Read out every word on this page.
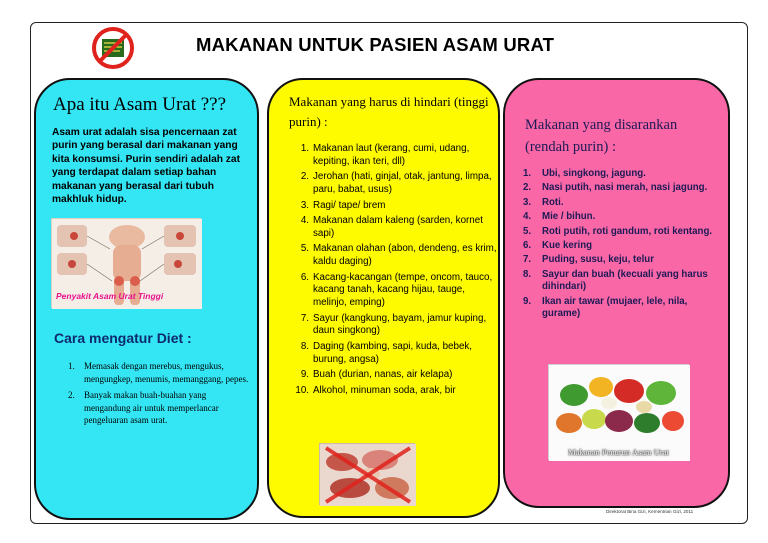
MAKANAN UNTUK PASIEN ASAM URAT
Apa itu Asam Urat ???
Asam urat adalah sisa pencernaan zat purin yang berasal dari makanan yang kita konsumsi. Purin sendiri adalah zat yang terdapat dalam setiap bahan makanan yang berasal dari tubuh makhluk hidup.
Penyakit Asam Urat Tinggi
Cara mengatur Diet :
1. Memasak dengan merebus, mengukus, mengungkep, menumis, memanggang, pepes.
2. Banyak makan buah-buahan yang mengandung air untuk memperlancar pengeluaran asam urat.
Makanan yang harus di hindari (tinggi purin) :
1. Makanan laut (kerang, cumi, udang, kepiting, ikan teri, dll)
2. Jerohan (hati, ginjal, otak, jantung, limpa, paru, babat, usus)
3. Ragi/ tape/ brem
4. Makanan dalam kaleng (sarden, kornet sapi)
5. Makanan olahan (abon, dendeng, es krim, kaldu daging)
6. Kacang-kacangan (tempe, oncom, tauco, kacang tanah, kacang hijau, tauge, melinjo, emping)
7. Sayur (kangkung, bayam, jamur kuping, daun singkong)
8. Daging (kambing, sapi, kuda, bebek, burung, angsa)
9. Buah (durian, nanas, air kelapa)
10. Alkohol, minuman soda, arak, bir
Makanan yang disarankan (rendah purin) :
1. Ubi, singkong, jagung.
2. Nasi putih, nasi merah, nasi jagung.
3. Roti.
4. Mie / bihun.
5. Roti putih, roti gandum, roti kentang.
6. Kue kering
7. Puding, susu, keju, telur
8. Sayur dan buah (kecuali yang harus dihindari)
9. Ikan air tawar (mujaer, lele, nila, gurame)
Makanan Penurun Asam Urat
Direktorat Bina Gizi, Kementrian Gizi, 2011
